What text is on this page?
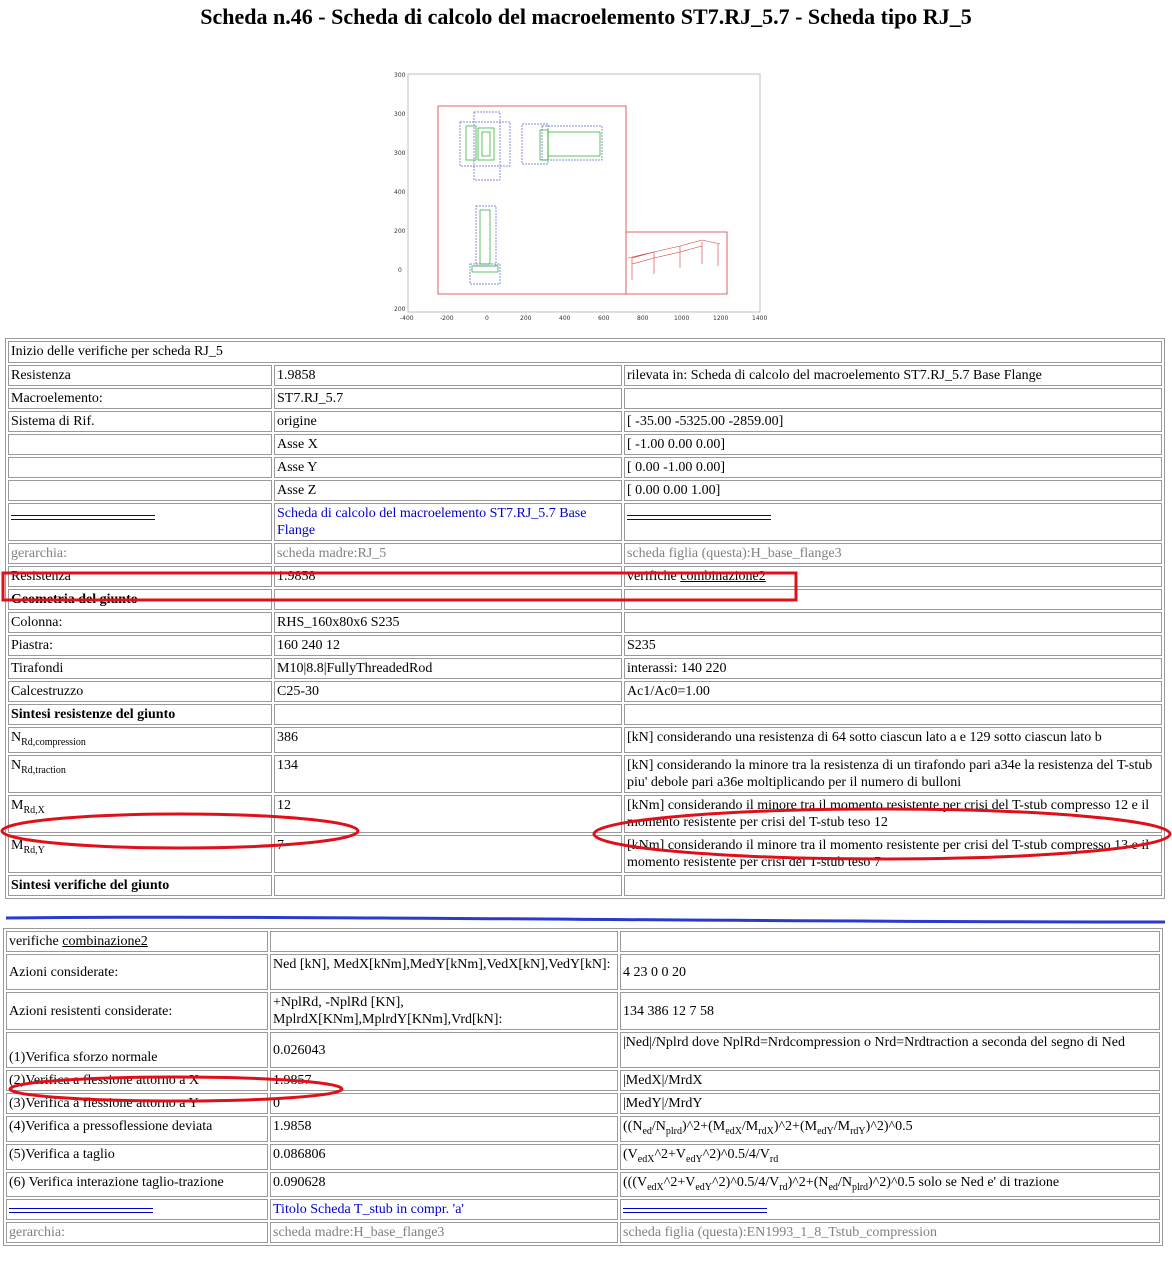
Scheda n.46 - Scheda di calcolo del macroelemento ST7.RJ_5.7 - Scheda tipo RJ_5
300
300
300
400
200
0
200
-400	-200	0	200	400	600	800	1000	1200	1400
Inizio delle verifiche per scheda RJ_5		
Resistenza	1.9858	rilevata in: Scheda di calcolo del macroelemento ST7.RJ_5.7 Base Flange
Macroelemento:	ST7.RJ_5.7	
Sistema di Rif.	origine	[ -35.00 -5325.00 -2859.00]
	Asse X	[ -1.00 0.00 0.00]
	Asse Y	[ 0.00 -1.00 0.00]
	Asse Z	[ 0.00 0.00 1.00]
	Scheda di calcolo del macroelemento ST7.RJ_5.7 Base Flange	
gerarchia:	scheda madre:RJ_5	scheda figlia (questa):H_base_flange3
Resistenza	1.9858	verifiche combinazione2
Geometria del giunto		
Colonna:	RHS_160x80x6 S235	
Piastra:	160 240 12	S235
Tirafondi	M10|8.8|FullyThreadedRod	interassi: 140 220
Calcestruzzo	C25-30	Ac1/Ac0=1.00
Sintesi resistenze del giunto		
$N_{Rd,compression}$	386	[kN] considerando una resistenza di 64 sotto ciascun lato a e 129 sotto ciascun lato b
$N_{Rd,traction}$	134	[kN] considerando la minore tra la resistenza di un tirafondo pari a34e la resistenza del T-stub piu' debole pari a36e moltiplicando per il numero di bulloni

$M_{Rd,X}$	12	[kNm] considerando il minore tra il momento resistente per crisi del T-stub compresso 12 e il momento resistente per crisi del T-stub teso 12
$M_{Rd,Y}$	7	[kNm] considerando il minore tra il momento resistente per crisi del T-stub compresso 13 e il momento resistente per crisi del T-stub teso 7
Sintesi verifiche del giunto		
verifiche combinazione2		
Azioni considerate:	Ned [kN], MedX[kNm],MedY[kNm],VedX[kN],VedY[kN]:	4 23 0 0 20
Azioni resistenti considerate:	+NplRd, -NplRd [KN], MplrdX[KNm],MplrdY[KNm],Vrd[kN]:	134 386 12 7 58
(1)Verifica sforzo normale	0.026043	|Ned|/Nplrd dove NplRd=Nrdcompression o Nrd=Nrdtraction a seconda del segno di Ned
(2)Verifica a flessione attorno a X	1.9857	|MedX|/MrdX
(3)Verifica a flessione attorno a Y	0	|MedY|/MrdY
(4)Verifica a pressoflessione deviata	1.9858	$((N_{ed}/N_{plrd})\^{}2+(M_{edX}/M_{rdX})\^{}2+(M_{edY}/M_{rdY})\^{}2)\^{}0.5$
(5)Verifica a taglio	0.086806	$(V_{edX}\^{}2+V_{edY}\^{}2)\^{}0.5/4/V_{rd}$
(6) Verifica interazione taglio-trazione	0.090628	$(((V_{edX}\^{}2+V_{edY}\^{}2)\^{}0.5/4/V_{rd})\^{}2+(N_{ed}/N_{plrd})\^{}2)\^{}0.5$ solo se Ned e' di trazione
	Titolo Scheda T_stub in compr. 'a'	
gerarchia:	scheda madre:H_base_flange3	scheda figlia (questa):EN1993_1_8_Tstub_compression
